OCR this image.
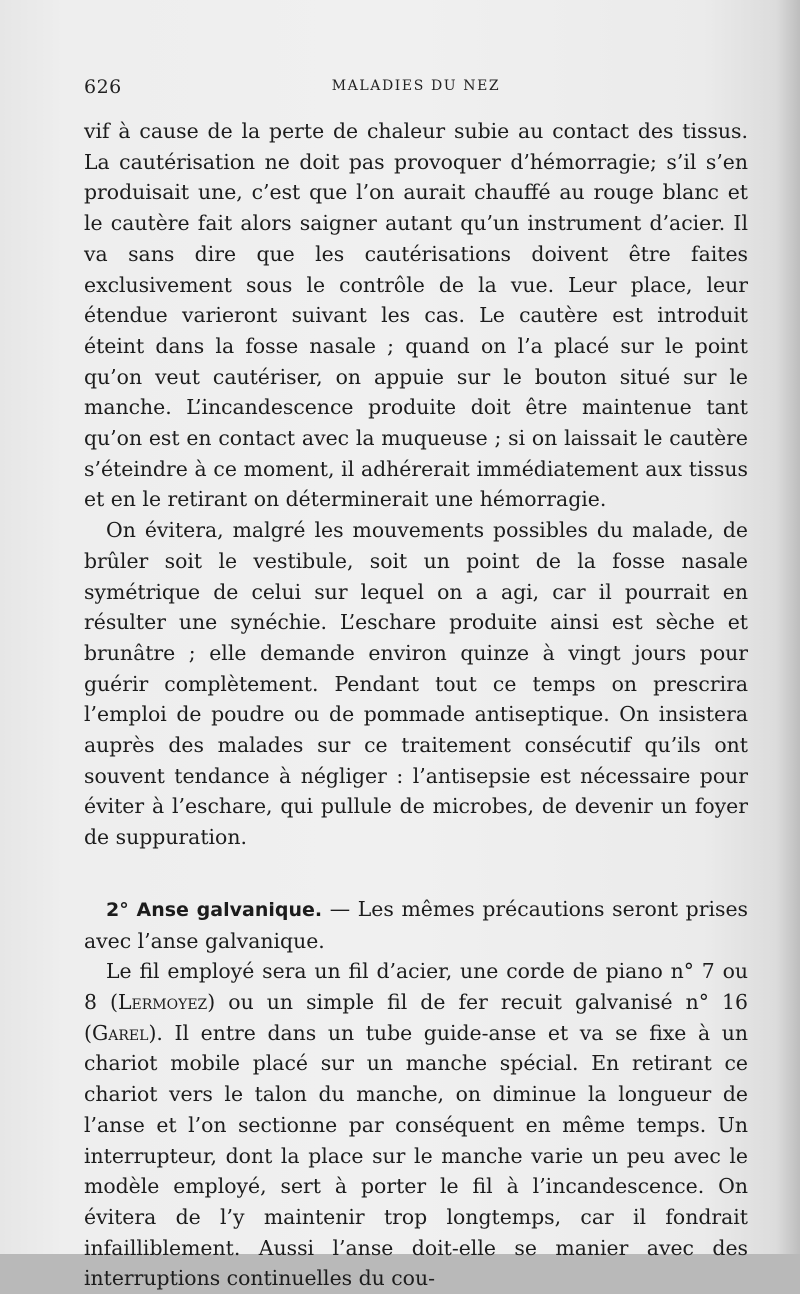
626	MALADIES DU NEZ

vif à cause de la perte de chaleur subie au contact des tissus. La cautérisation ne doit pas provoquer d’hémorragie; s’il s’en produisait une, c’est que l’on aurait chauffé au rouge blanc et le cautère fait alors saigner autant qu’un instrument d’acier. Il va sans dire que les cautérisations doivent être faites exclusivement sous le contrôle de la vue. Leur place, leur étendue varieront suivant les cas. Le cautère est introduit éteint dans la fosse nasale ; quand on l’a placé sur le point qu’on veut cautériser, on appuie sur le bouton situé sur le manche. L’incandescence produite doit être maintenue tant qu’on est en contact avec la muqueuse ; si on laissait le cautère s’éteindre à ce moment, il adhérerait immédiatement aux tissus et en le retirant on déterminerait une hémorragie.

On évitera, malgré les mouvements possibles du malade, de brûler soit le vestibule, soit un point de la fosse nasale symétrique de celui sur lequel on a agi, car il pourrait en résulter une synéchie. L’eschare produite ainsi est sèche et brunâtre ; elle demande environ quinze à vingt jours pour guérir complètement. Pendant tout ce temps on prescrira l’emploi de poudre ou de pommade antiseptique. On insistera auprès des malades sur ce traitement consécutif qu’ils ont souvent tendance à négliger : l’antisepsie est nécessaire pour éviter à l’eschare, qui pullule de microbes, de devenir un foyer de suppuration.

2° Anse galvanique. — Les mêmes précautions seront prises avec l’anse galvanique.

Le fil employé sera un fil d’acier, une corde de piano n° 7 ou 8 (Lermoyez) ou un simple fil de fer recuit galvanisé n° 16 (Garel). Il entre dans un tube guide-anse et va se fixe à un chariot mobile placé sur un manche spécial. En retirant ce chariot vers le talon du manche, on diminue la longueur de l’anse et l’on sectionne par conséquent en même temps. Un interrupteur, dont la place sur le manche varie un peu avec le modèle employé, sert à porter le fil à l’incandescence. On évitera de l’y maintenir trop longtemps, car il fondrait infailliblement. Aussi l’anse doit-elle se manier avec des interruptions continuelles du cou-
